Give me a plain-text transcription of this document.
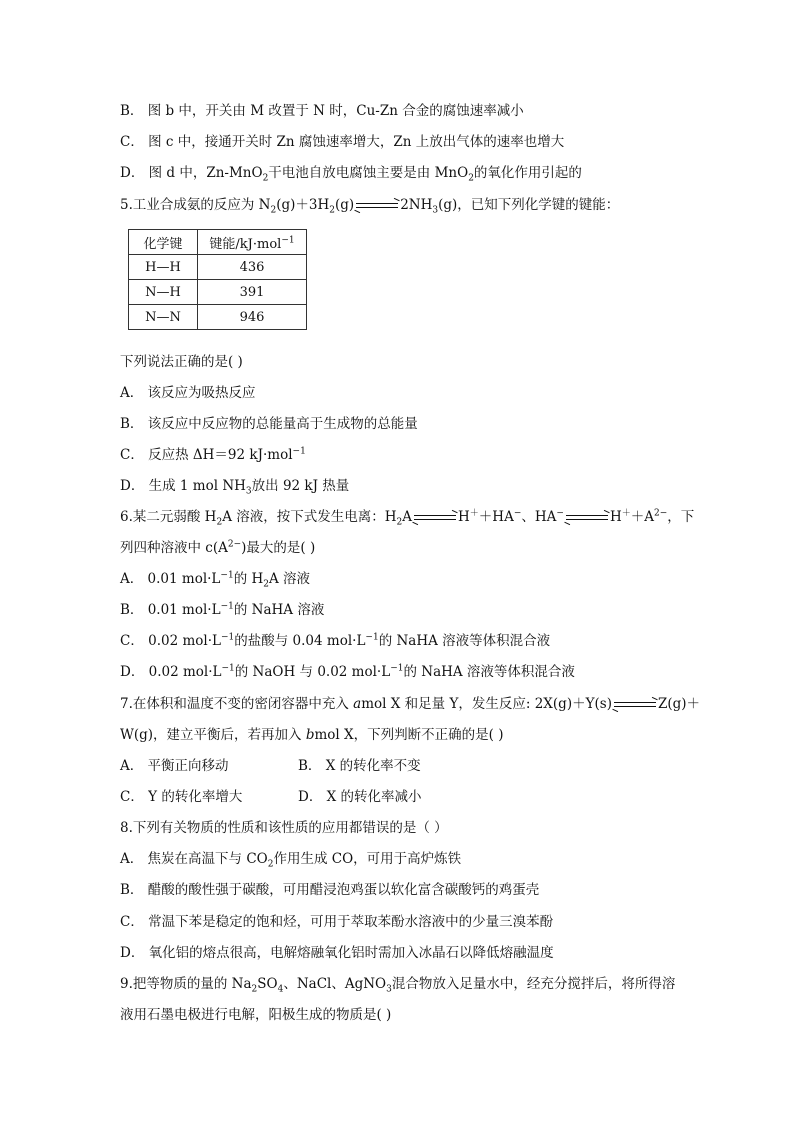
B． 图 b 中，开关由 M 改置于 N 时，Cu-Zn 合金的腐蚀速率减小
C． 图 c 中，接通开关时 Zn 腐蚀速率增大，Zn 上放出气体的速率也增大
D． 图 d 中，Zn-MnO$_2$干电池自放电腐蚀主要是由 MnO$_2$的氧化作用引起的
5.工业合成氨的反应为 $N_2(g)+3H_2(g)\to 2NH_3(g)$，已知下列化学键的键能：
化学键	键能/kJ·mol$^{-1}$
H—H	436
N—H	391
N—N	946
下列说法正确的是( )
A． 该反应为吸热反应
B． 该反应中反应物的总能量高于生成物的总能量
C． 反应热 ΔH＝92 kJ·mol$^{-1}$
D． 生成 1 mol $NH_3$放出 92 kJ 热量
6.某二元弱酸 $H_2A$ 溶液，按下式发生电离：$H_2A\to H^++HA^-$、$HA^-\to H^++A^{2-}$，下
列四种溶液中 $c(A^{2-})$最大的是( )
A． 0.01 $mol\cdot L^{-1}$的 $H_2A$ 溶液
B． 0.01 $mol\cdot L^{-1}$的 NaHA 溶液
C． 0.02 $mol\cdot L^{-1}$的盐酸与 0.04 $mol\cdot L^{-1}$的 NaHA 溶液等体积混合液
D． 0.02 $mol\cdot L^{-1}$的 NaOH 与 0.02 $mol\cdot L^{-1}$的 NaHA 溶液等体积混合液
7.在体积和温度不变的密闭容器中充入 amol X 和足量 Y，发生反应: 2X(g)＋Y(s)→Z(g)＋
W(g)，建立平衡后，若再加入 bmol X，下列判断不正确的是( )
A． 平衡正向移动	B． X 的转化率不变
C． Y 的转化率增大	D． X 的转化率减小
8.下列有关物质的性质和该性质的应用都错误的是（ ）
A． 焦炭在高温下与 $CO_2$作用生成 CO，可用于高炉炼铁
B． 醋酸的酸性强于碳酸，可用醋浸泡鸡蛋以软化富含碳酸钙的鸡蛋壳
C． 常温下苯是稳定的饱和烃，可用于萃取苯酚水溶液中的少量三溴苯酚
D． 氧化铝的熔点很高，电解熔融氧化铝时需加入冰晶石以降低熔融温度
9.把等物质的量的 $Na_2SO_4$、NaCl、AgNO$_3$混合物放入足量水中，经充分搅拌后，将所得溶
液用石墨电极进行电解，阳极生成的物质是( )
